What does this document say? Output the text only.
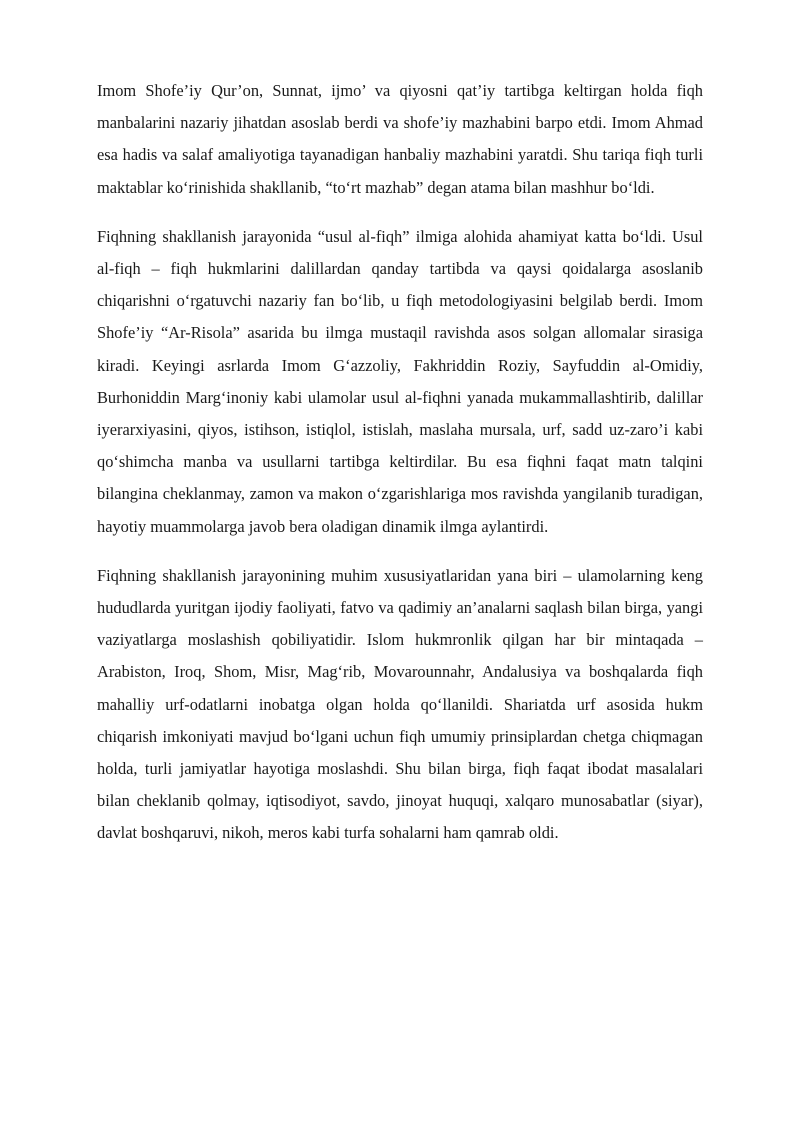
Imom Shofe’iy Qur’on, Sunnat, ijmo’ va qiyosni qat’iy tartibga keltirgan holda fiqh manbalarini nazariy jihatdan asoslab berdi va shofe’iy mazhabini barpo etdi. Imom Ahmad esa hadis va salaf amaliyotiga tayanadigan hanbaliy mazhabini yaratdi. Shu tariqa fiqh turli maktablar ko‘rinishida shakllanib, “to‘rt mazhab” degan atama bilan mashhur bo‘ldi.

Fiqhning shakllanish jarayonida “usul al-fiqh” ilmiga alohida ahamiyat katta bo‘ldi. Usul al-fiqh – fiqh hukmlarini dalillardan qanday tartibda va qaysi qoidalarga asoslanib chiqarishni o‘rgatuvchi nazariy fan bo‘lib, u fiqh metodologiyasini belgilab berdi. Imom Shofe’iy “Ar-Risola” asarida bu ilmga mustaqil ravishda asos solgan allomalar sirasiga kiradi. Keyingi asrlarda Imom G‘azzoliy, Fakhriddin Roziy, Sayfuddin al-Omidiy, Burhoniddin Marg‘inoniy kabi ulamolar usul al-fiqhni yanada mukammallashtirib, dalillar iyerarxiyasini, qiyos, istihson, istiqlol, istislah, maslaha mursala, urf, sadd uz-zaro’i kabi qo‘shimcha manba va usullarni tartibga keltirdilar. Bu esa fiqhni faqat matn talqini bilangina cheklanmay, zamon va makon o‘zgarishlariga mos ravishda yangilanib turadigan, hayotiy muammolarga javob bera oladigan dinamik ilmga aylantirdi.

Fiqhning shakllanish jarayonining muhim xususiyatlaridan yana biri – ulamolarning keng hududlarda yuritgan ijodiy faoliyati, fatvo va qadimiy an’analarni saqlash bilan birga, yangi vaziyatlarga moslashish qobiliyatidir. Islom hukmronlik qilgan har bir mintaqada – Arabiston, Iroq, Shom, Misr, Mag‘rib, Movarounnahr, Andalusiya va boshqalarda fiqh mahalliy urf-odatlarni inobatga olgan holda qo‘llanildi. Shariatda urf asosida hukm chiqarish imkoniyati mavjud bo‘lgani uchun fiqh umumiy prinsiplardan chetga chiqmagan holda, turli jamiyatlar hayotiga moslashdi. Shu bilan birga, fiqh faqat ibodat masalalari bilan cheklanib qolmay, iqtisodiyot, savdo, jinoyat huquqi, xalqaro munosabatlar (siyar), davlat boshqaruvi, nikoh, meros kabi turfa sohalarni ham qamrab oldi.
